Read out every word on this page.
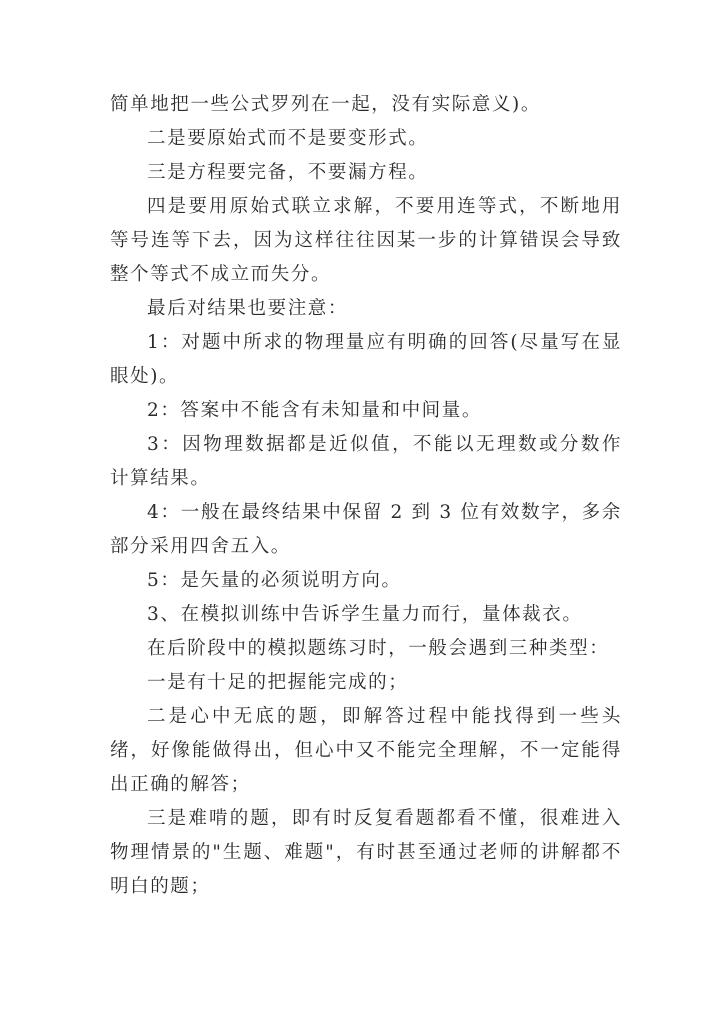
简单地把一些公式罗列在一起，没有实际意义)。

二是要原始式而不是要变形式。

三是方程要完备，不要漏方程。

四是要用原始式联立求解，不要用连等式，不断地用等号连等下去，因为这样往往因某一步的计算错误会导致整个等式不成立而失分。

最后对结果也要注意：

1：对题中所求的物理量应有明确的回答(尽量写在显眼处)。

2：答案中不能含有未知量和中间量。

3：因物理数据都是近似值，不能以无理数或分数作计算结果。

4：一般在最终结果中保留 2 到 3 位有效数字，多余部分采用四舍五入。

5：是矢量的必须说明方向。

3、在模拟训练中告诉学生量力而行，量体裁衣。

在后阶段中的模拟题练习时，一般会遇到三种类型：

一是有十足的把握能完成的；

二是心中无底的题，即解答过程中能找得到一些头绪，好像能做得出，但心中又不能完全理解，不一定能得出正确的解答；

三是难啃的题，即有时反复看题都看不懂，很难进入物理情景的"生题、难题"，有时甚至通过老师的讲解都不明白的题；
